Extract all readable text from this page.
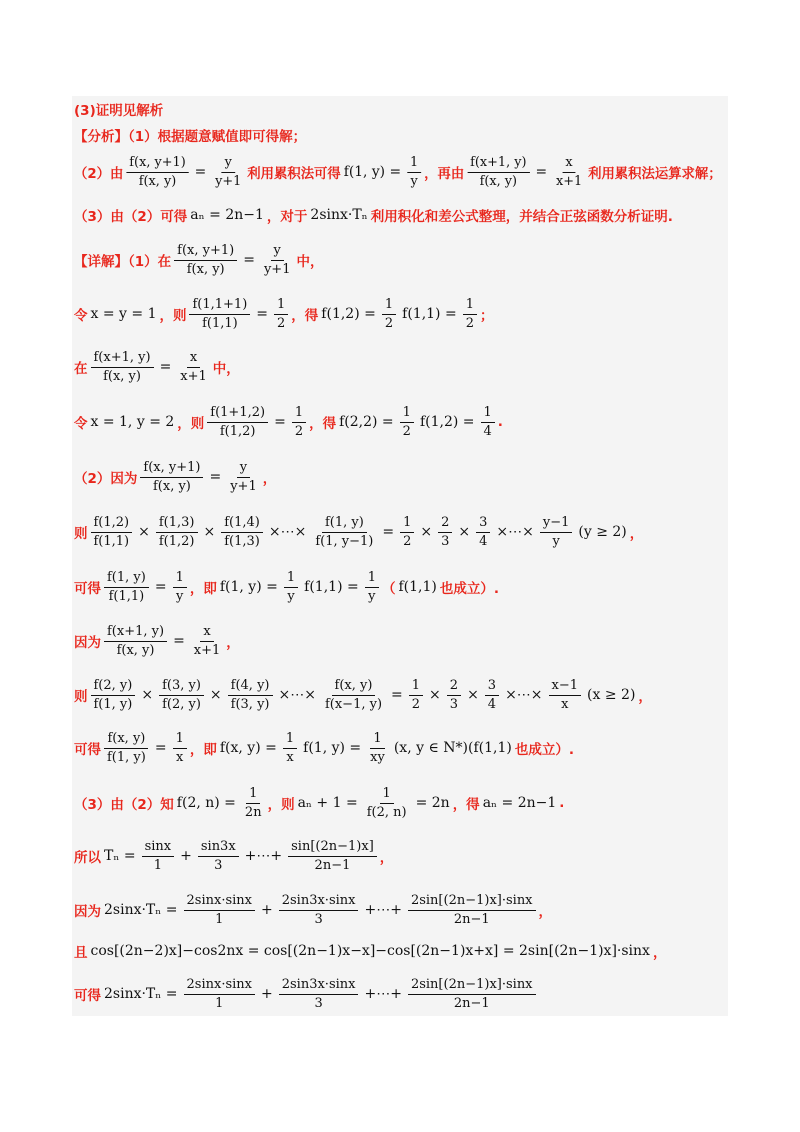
(3)证明见解析
【分析】（1）根据题意赋值即可得解；
（2）由 $\frac{f(x, y+1)}{f(x, y)} = \frac{y}{y+1}$ 利用累积法可得 f(1, $y) = \frac{1}{y}$ ，再由 $\frac{f(x+1, y)}{f(x, y)} = \frac{x}{x+1}$ 利用累积法运算求解；
（3）由（2）可得 aₙ = 2n−1 ，对于 2sinx·Tₙ 利用积化和差公式整理，并结合正弦函数分析证明.
【详解】（1）在 $\frac{f(x, y+1)}{f(x, y)} = \frac{y}{y+1}$ 中，
令 x = y = 1 ，则 $\frac{f(1,1+1)}{f(1,1)} = \frac{1}{2}$ ，得 $f(1,2) = \frac{1}{2} f(1,1) = \frac{1}{2}$ ；
在 $\frac{f(x+1, y)}{f(x, y)} = \frac{x}{x+1}$ 中，
令 x = 1, y = 2 ，则 $\frac{f(1+1,2)}{f(1,2)} = \frac{1}{2}$ ，得 $f(2,2) = \frac{1}{2} f(1,2) = \frac{1}{4}$ .
（2）因为 $\frac{f(x, y+1)}{f(x, y)} = \frac{y}{y+1}$ ，
则 $\frac{f(1,2)}{f(1,1)} \times \frac{f(1,3)}{f(1,2)} \times \frac{f(1,4)}{f(1,3)}$ ×⋯× $\frac{f(1, y)}{f(1, y-1)} = \frac{1}{2} \times \frac{2}{3} \times \frac{3}{4}$ ×⋯× $\frac{y-1}{y} (y \ge 2)$ ，
可得 $\frac{f(1, y)}{f(1,1)} = \frac{1}{y}$ ，即 f(1, $y) = \frac{1}{y} f(1,1) = \frac{1}{y}$ （ f(1,1) 也成立）.
因为 $\frac{f(x+1, y)}{f(x, y)} = \frac{x}{x+1}$ ，
则 $\frac{f(2, y)}{f(1, y)} \times \frac{f(3, y)}{f(2, y)} \times \frac{f(4, y)}{f(3, y)}$ ×⋯× $\frac{f(x, y)}{f(x-1, y)} = \frac{1}{2} \times \frac{2}{3} \times \frac{3}{4}$ ×⋯× $\frac{x-1}{x} (x \ge 2)$ ，
可得 $\frac{f(x, y)}{f(1, y)} = \frac{1}{x}$ ，即 f(x, $y) = \frac{1}{x} f(1$, $y) = \frac{1}{xy} (x$, y ∈ N*)(f(1,1) 也成立）.
（3）由（2）知 f(2, $n) = \frac{1}{2n}$ ，则 $a_n + 1 = \frac{1}{f(2, n)} = 2n$ ，得 aₙ = 2n−1 .
所以 $T_n = \frac{\sin x}{1} + \frac{\sin 3x}{3}$ +⋯+ $\frac{\sin[(2n-1)x]}{2n-1}$ ，
因为 $2\sin x\cdot T_n = \frac{2\sin x\cdot\sin x}{1} + \frac{2\sin 3x\cdot\sin x}{3}$ +⋯+ $\frac{2\sin[(2n-1)x]\cdot\sin x}{2n-1}$ ，
且 cos[(2n−2)x]−cos2nx = cos[(2n−1)x−x]−cos[(2n−1)x+x] = 2sin[(2n−1)x]·sinx ，
可得 $2\sin x\cdot T_n = \frac{2\sin x\cdot\sin x}{1} + \frac{2\sin 3x\cdot\sin x}{3}$ +⋯+ $\frac{2\sin[(2n-1)x]\cdot\sin x}{2n-1}$
